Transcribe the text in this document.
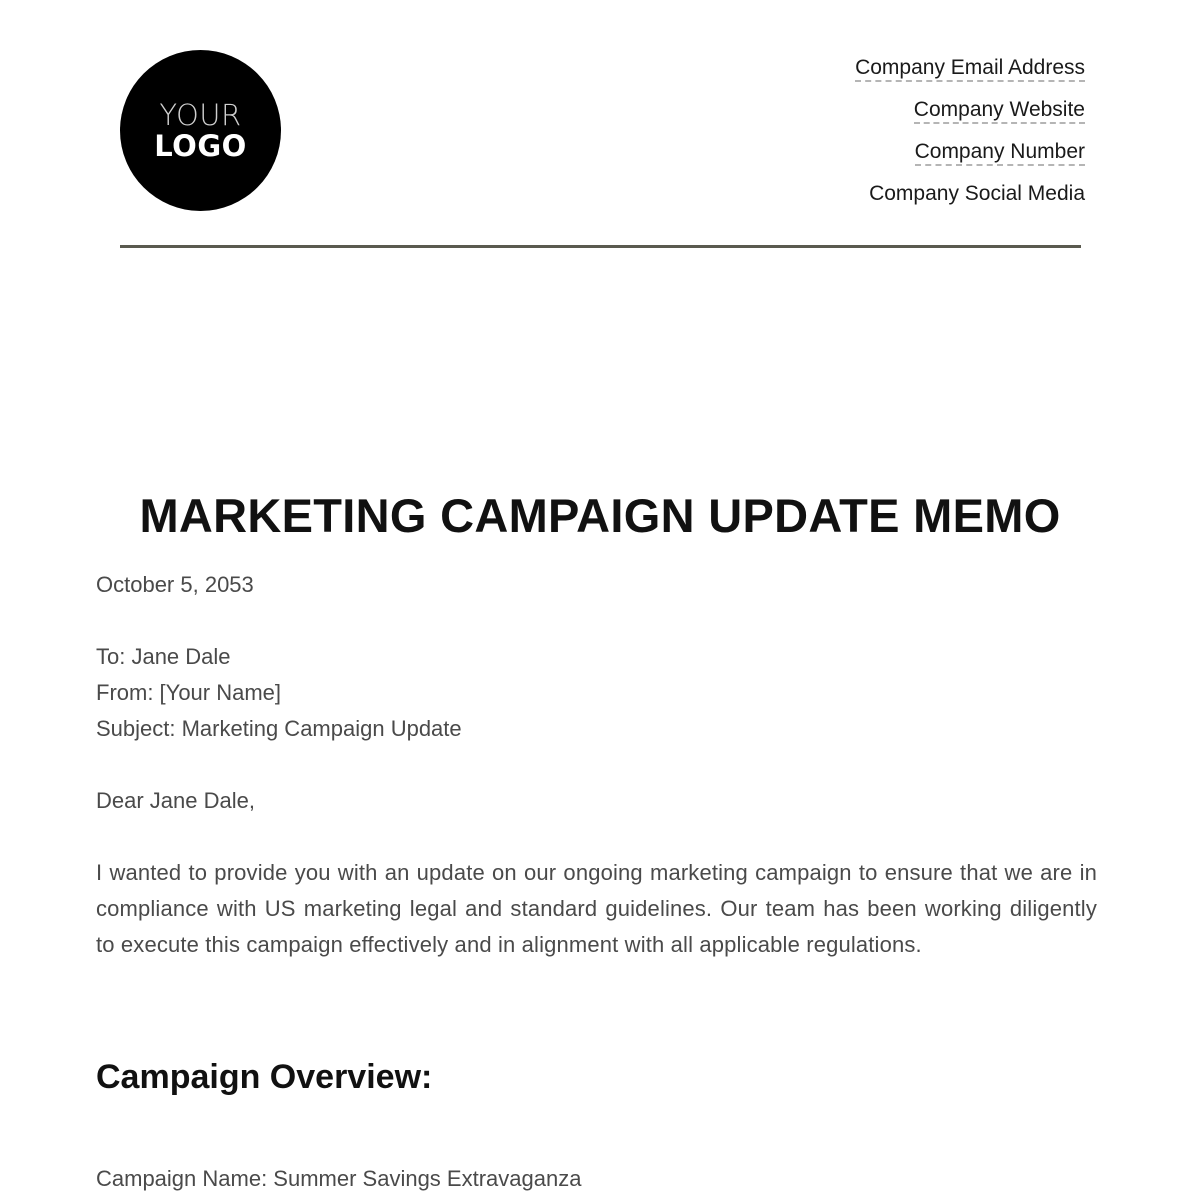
YOUR
LOGO
Company Email Address
Company Website
Company Number
Company Social Media
MARKETING CAMPAIGN UPDATE MEMO
October 5, 2053
To: Jane Dale
From: [Your Name]
Subject: Marketing Campaign Update
Dear Jane Dale,
I wanted to provide you with an update on our ongoing marketing campaign to ensure that we are in compliance with US marketing legal and standard guidelines. Our team has been working diligently to execute this campaign effectively and in alignment with all applicable regulations.
Campaign Overview:
Campaign Name: Summer Savings Extravaganza
